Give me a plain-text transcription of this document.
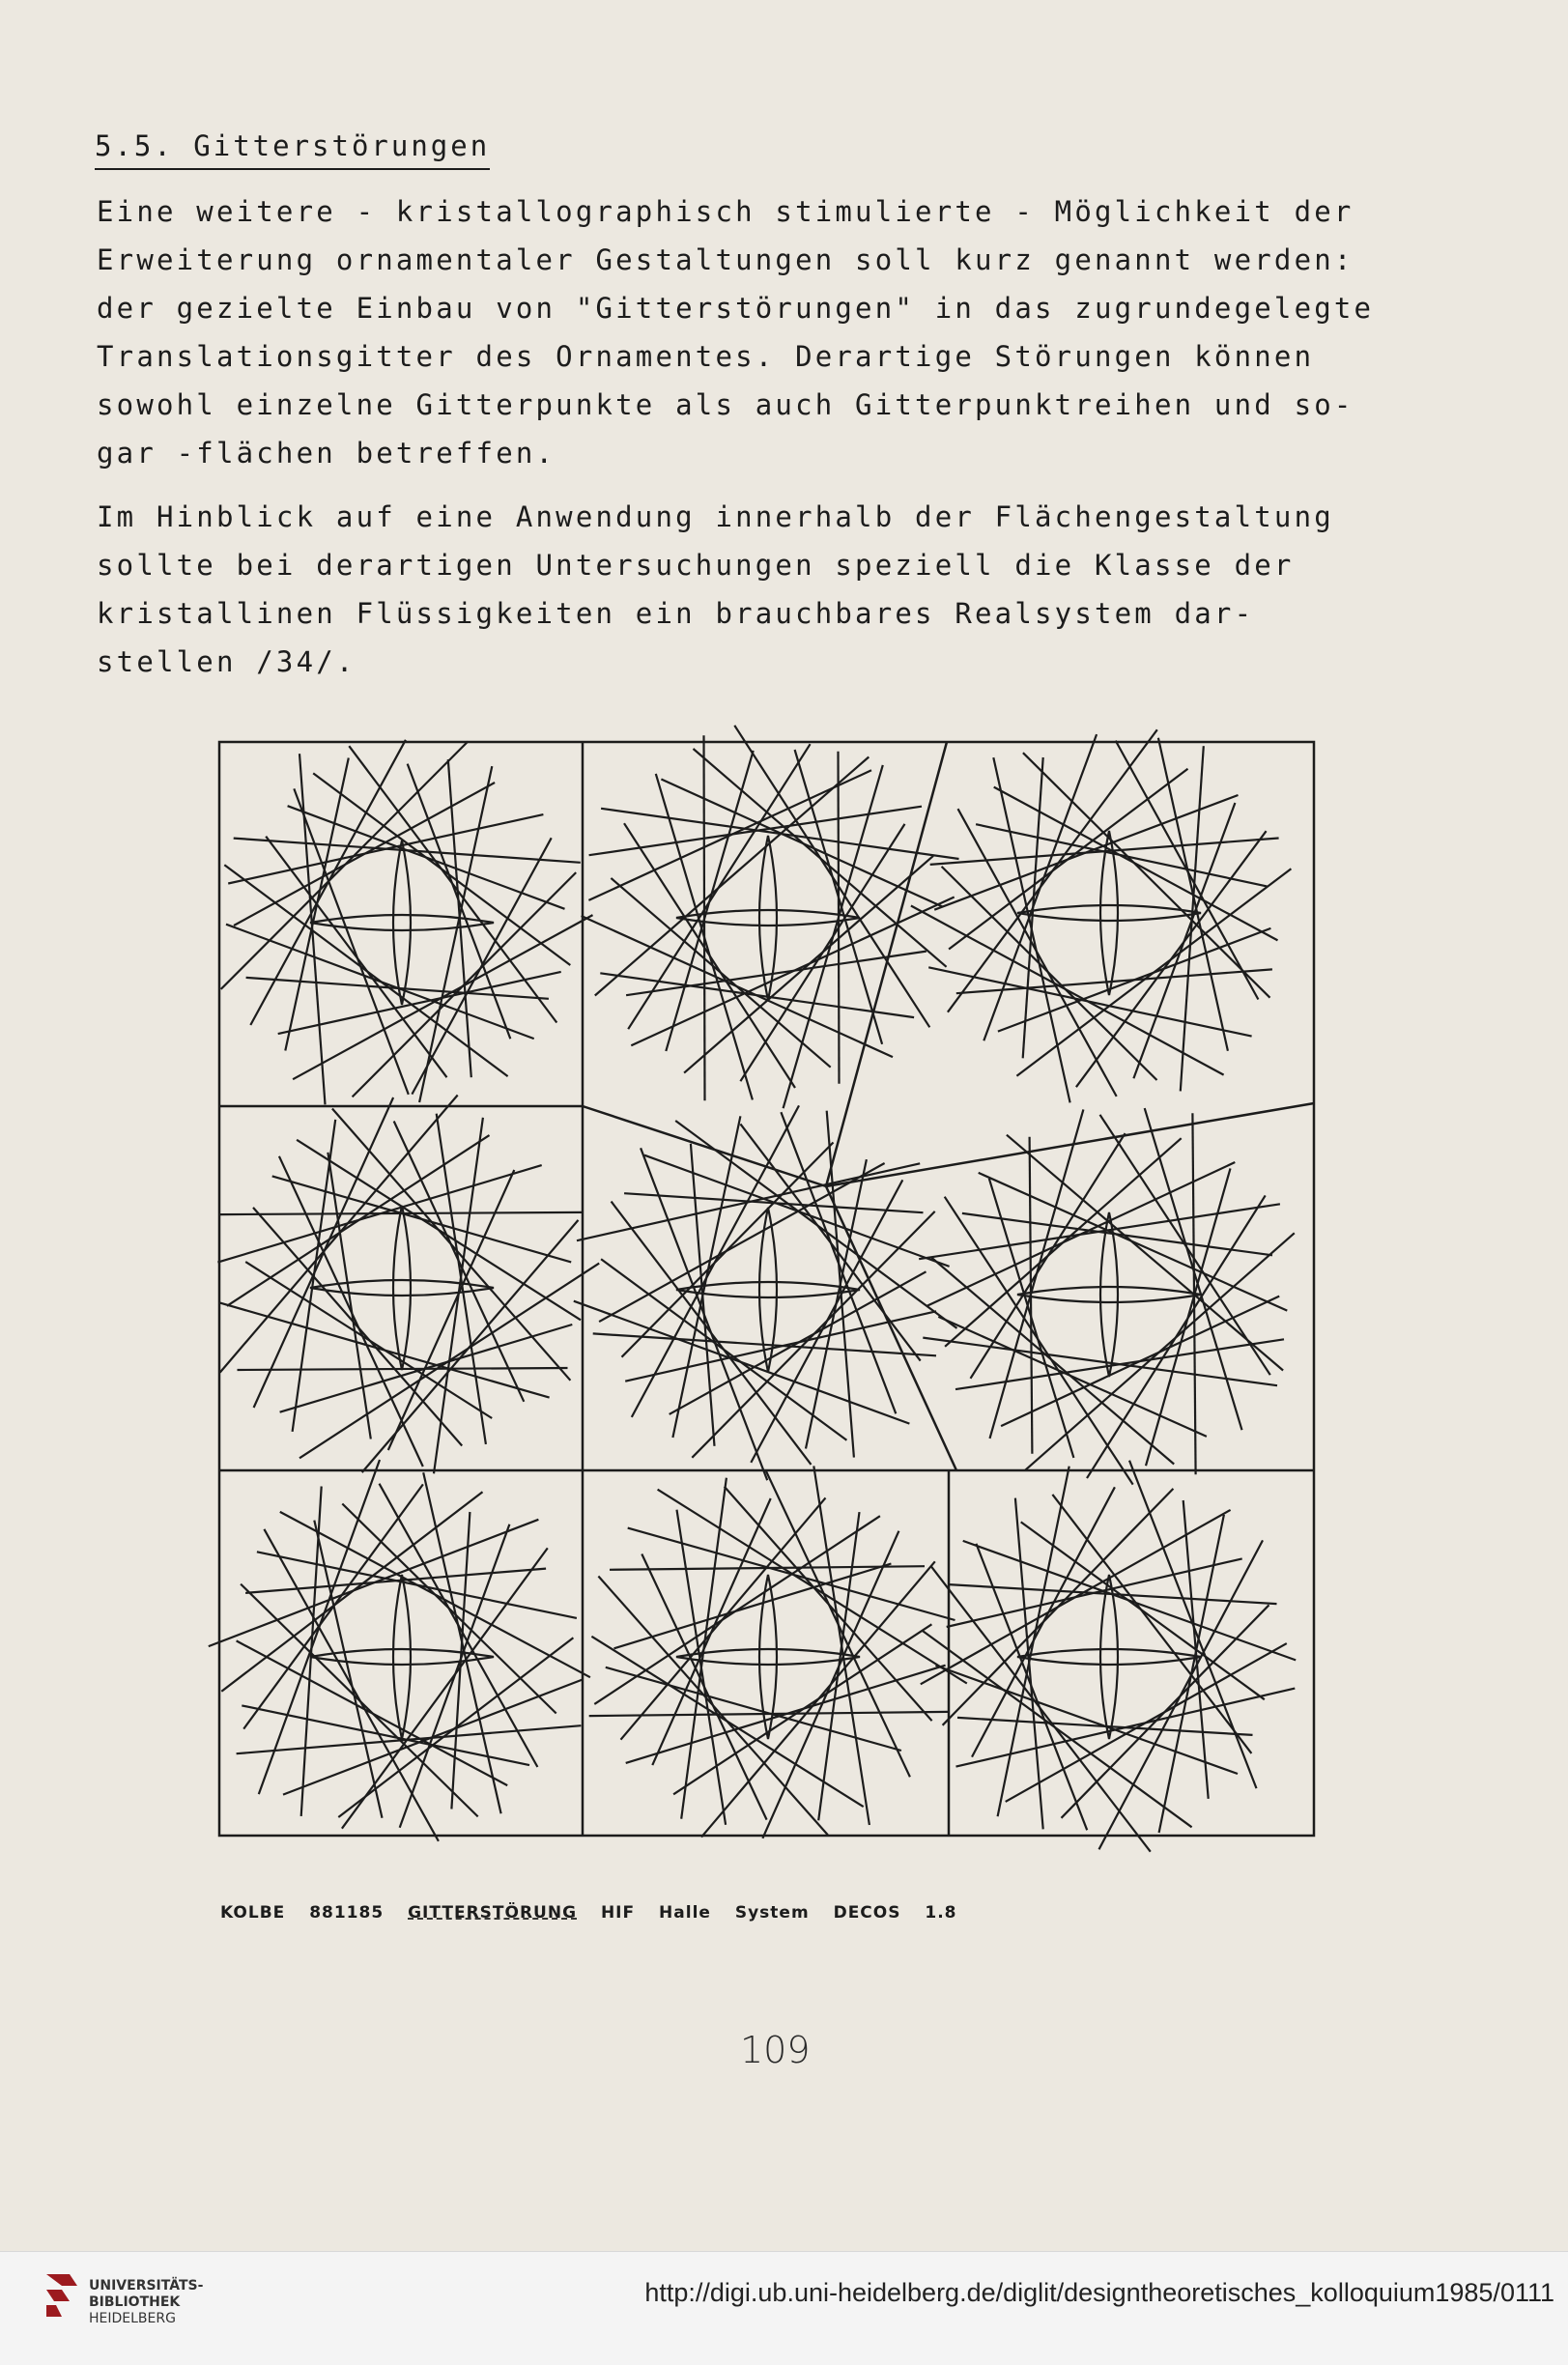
5.5. Gitterstörungen

Eine weitere - kristallographisch stimulierte - Möglichkeit der
Erweiterung ornamentaler Gestaltungen soll kurz genannt werden:
der gezielte Einbau von "Gitterstörungen" in das zugrundegelegte
Translationsgitter des Ornamentes. Derartige Störungen können
sowohl einzelne Gitterpunkte als auch Gitterpunktreihen und so-
gar -flächen betreffen.

Im Hinblick auf eine Anwendung innerhalb der Flächengestaltung
sollte bei derartigen Untersuchungen speziell die Klasse der
kristallinen Flüssigkeiten ein brauchbares Realsystem dar-
stellen /34/.

KOLBE 881185 GITTERSTÖRUNG HIF Halle System DECOS 1.8
109
UNIVERSITÄTS-
BIBLIOTHEK
HEIDELBERG
http://digi.ub.uni-heidelberg.de/diglit/designtheoretisches_kolloquium1985/0111
